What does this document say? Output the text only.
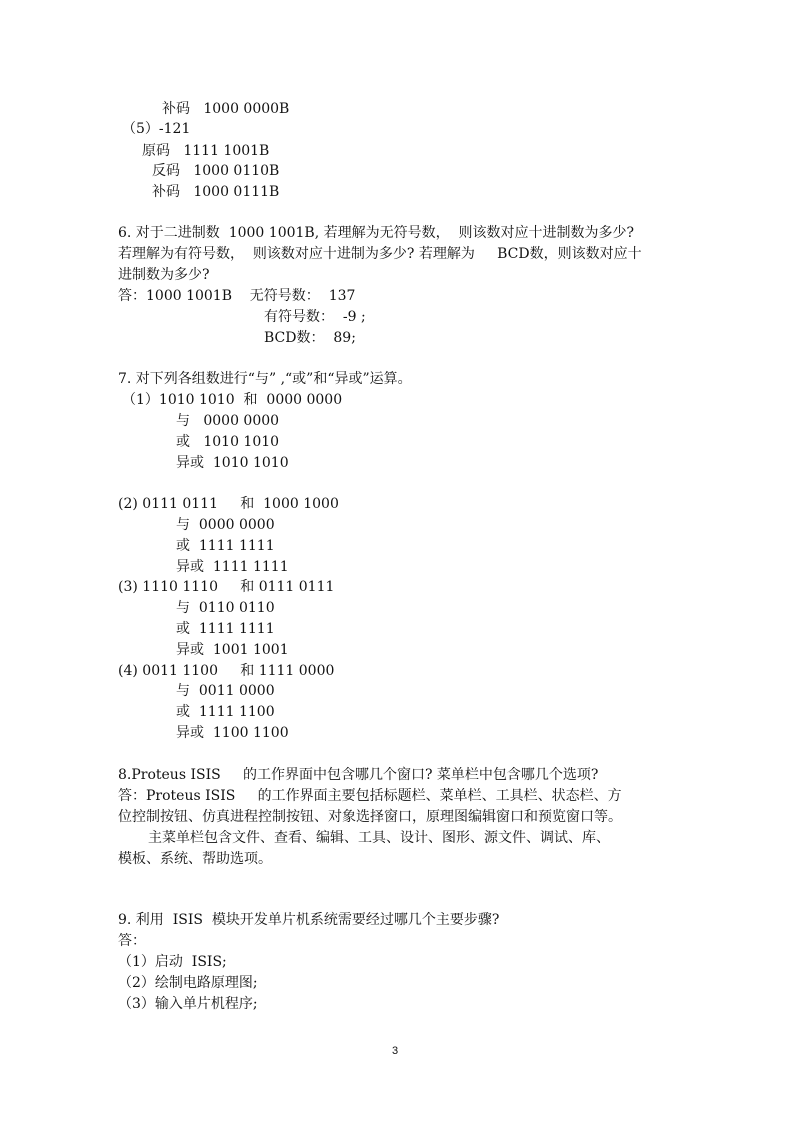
补码   1000 0000B
（5）-121
原码   1111 1001B
反码   1000 0110B
补码   1000 0111B
6. 对于二进制数  1000 1001B, 若理解为无符号数，  则该数对应十进制数为多少?
若理解为有符号数，  则该数对应十进制为多少? 若理解为     BCD数，则该数对应十
进制数为多少?
答：1000 1001B    无符号数：  137
有符号数：  -9 ;
BCD数：  89;
7. 对下列各组数进行“与” ,“或”和“异或”运算。
（1）1010 1010  和  0000 0000
与   0000 0000
或   1010 1010
异或  1010 1010
(2) 0111 0111     和  1000 1000
与  0000 0000
或  1111 1111
异或  1111 1111
(3) 1110 1110     和 0111 0111
与  0110 0110
或  1111 1111
异或  1001 1001
(4) 0011 1100     和 1111 0000
与  0011 0000
或  1111 1100
异或  1100 1100
8.Proteus ISIS     的工作界面中包含哪几个窗口? 菜单栏中包含哪几个选项?
答：Proteus ISIS     的工作界面主要包括标题栏、菜单栏、工具栏、状态栏、方
位控制按钮、仿真进程控制按钮、对象选择窗口，原理图编辑窗口和预览窗口等。
主菜单栏包含文件、查看、编辑、工具、设计、图形、源文件、调试、库、
模板、系统、帮助选项。
9. 利用  ISIS  模块开发单片机系统需要经过哪几个主要步骤?
答：
（1）启动  ISIS;
（2）绘制电路原理图;
（3）输入单片机程序;
3
